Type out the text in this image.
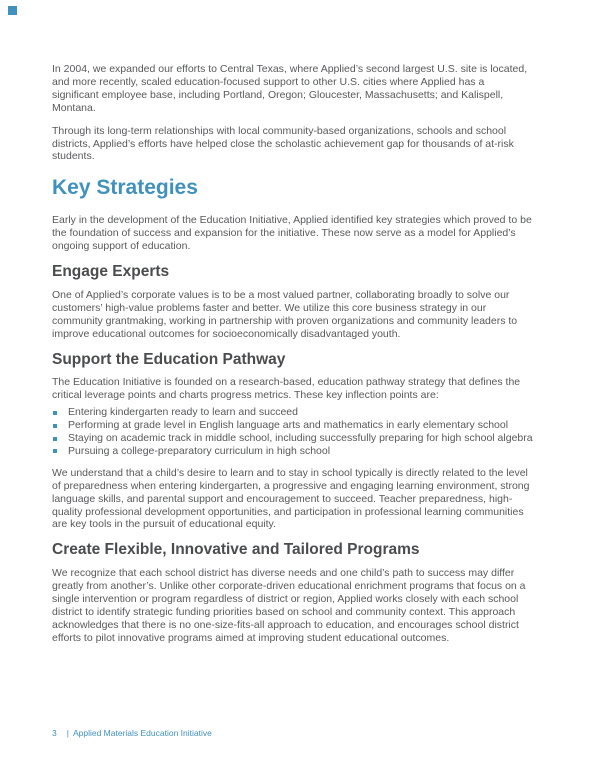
In 2004, we expanded our efforts to Central Texas, where Applied’s second largest U.S. site is located, and more recently, scaled education-focused support to other U.S. cities where Applied has a significant employee base, including Portland, Oregon; Gloucester, Massachusetts; and Kalispell, Montana.

Through its long-term relationships with local community-based organizations, schools and school districts, Applied’s efforts have helped close the scholastic achievement gap for thousands of at-risk students.

Key Strategies

Early in the development of the Education Initiative, Applied identified key strategies which proved to be the foundation of success and expansion for the initiative. These now serve as a model for Applied’s ongoing support of education.

Engage Experts

One of Applied’s corporate values is to be a most valued partner, collaborating broadly to solve our customers’ high-value problems faster and better. We utilize this core business strategy in our community grantmaking, working in partnership with proven organizations and community leaders to improve educational outcomes for socioeconomically disadvantaged youth.

Support the Education Pathway

The Education Initiative is founded on a research-based, education pathway strategy that defines the critical leverage points and charts progress metrics. These key inflection points are:

Entering kindergarten ready to learn and succeed
Performing at grade level in English language arts and mathematics in early elementary school
Staying on academic track in middle school, including successfully preparing for high school algebra
Pursuing a college-preparatory curriculum in high school

We understand that a child’s desire to learn and to stay in school typically is directly related to the level of preparedness when entering kindergarten, a progressive and engaging learning environment, strong language skills, and parental support and encouragement to succeed. Teacher preparedness, high-quality professional development opportunities, and participation in professional learning communities are key tools in the pursuit of educational equity.

Create Flexible, Innovative and Tailored Programs

We recognize that each school district has diverse needs and one child’s path to success may differ greatly from another’s. Unlike other corporate-driven educational enrichment programs that focus on a single intervention or program regardless of district or region, Applied works closely with each school district to identify strategic funding priorities based on school and community context. This approach acknowledges that there is no one-size-fits-all approach to education, and encourages school district efforts to pilot innovative programs aimed at improving student educational outcomes.

3 | Applied Materials Education Initiative
